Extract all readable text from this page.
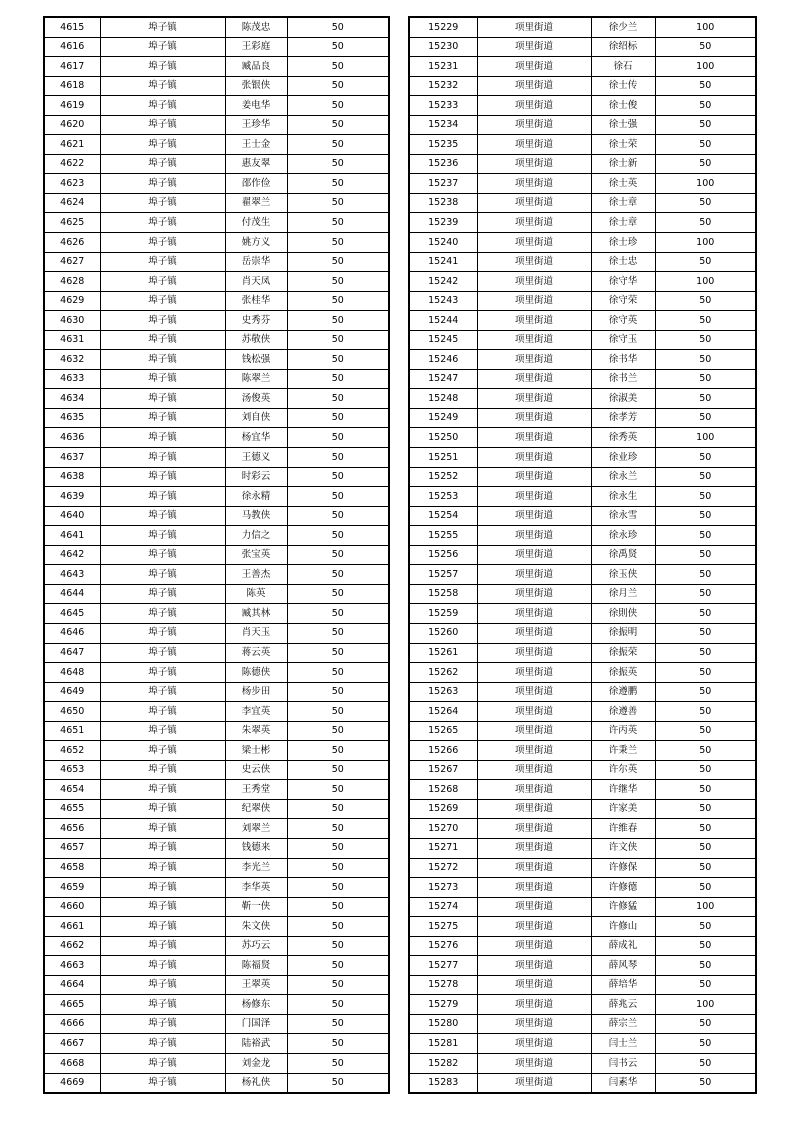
4615	埠子镇	陈茂忠	50
4616	埠子镇	王彩庭	50
4617	埠子镇	臧品良	50
4618	埠子镇	张银侠	50
4619	埠子镇	姜电华	50
4620	埠子镇	王珍华	50
4621	埠子镇	王士金	50
4622	埠子镇	惠友翠	50
4623	埠子镇	邵作俭	50
4624	埠子镇	翟翠兰	50
4625	埠子镇	付茂生	50
4626	埠子镇	姚方义	50
4627	埠子镇	岳崇华	50
4628	埠子镇	肖天凤	50
4629	埠子镇	张桂华	50
4630	埠子镇	史秀芬	50
4631	埠子镇	苏敬侠	50
4632	埠子镇	钱松强	50
4633	埠子镇	陈翠兰	50
4634	埠子镇	汤俊英	50
4635	埠子镇	刘自侠	50
4636	埠子镇	杨宜华	50
4637	埠子镇	王德义	50
4638	埠子镇	时彩云	50
4639	埠子镇	徐永精	50
4640	埠子镇	马教侠	50
4641	埠子镇	力信之	50
4642	埠子镇	张宝英	50
4643	埠子镇	王善杰	50
4644	埠子镇	陈英	50
4645	埠子镇	臧其林	50
4646	埠子镇	肖天玉	50
4647	埠子镇	蒋云英	50
4648	埠子镇	陈德侠	50
4649	埠子镇	杨步田	50
4650	埠子镇	李宜英	50
4651	埠子镇	朱翠英	50
4652	埠子镇	梁士彬	50
4653	埠子镇	史云侠	50
4654	埠子镇	王秀堂	50
4655	埠子镇	纪翠侠	50
4656	埠子镇	刘翠兰	50
4657	埠子镇	钱德来	50
4658	埠子镇	李光兰	50
4659	埠子镇	李华英	50
4660	埠子镇	靳一侠	50
4661	埠子镇	朱文侠	50
4662	埠子镇	苏巧云	50
4663	埠子镇	陈福贤	50
4664	埠子镇	王翠英	50
4665	埠子镇	杨修东	50
4666	埠子镇	门国泽	50
4667	埠子镇	陆裕武	50
4668	埠子镇	刘金龙	50
4669	埠子镇	杨礼侠	50
15229	项里街道	徐少兰	100
15230	项里街道	徐绍标	50
15231	项里街道	徐石	100
15232	项里街道	徐士传	50
15233	项里街道	徐士俊	50
15234	项里街道	徐士强	50
15235	项里街道	徐士荣	50
15236	项里街道	徐士新	50
15237	项里街道	徐士英	100
15238	项里街道	徐士章	50
15239	项里街道	徐士章	50
15240	项里街道	徐士珍	100
15241	项里街道	徐士忠	50
15242	项里街道	徐守华	100
15243	项里街道	徐守荣	50
15244	项里街道	徐守英	50
15245	项里街道	徐守玉	50
15246	项里街道	徐书华	50
15247	项里街道	徐书兰	50
15248	项里街道	徐淑美	50
15249	项里街道	徐孝芳	50
15250	项里街道	徐秀英	100
15251	项里街道	徐业珍	50
15252	项里街道	徐永兰	50
15253	项里街道	徐永生	50
15254	项里街道	徐永雪	50
15255	项里街道	徐永珍	50
15256	项里街道	徐禹贤	50
15257	项里街道	徐玉侠	50
15258	项里街道	徐月兰	50
15259	项里街道	徐則侠	50
15260	项里街道	徐振明	50
15261	项里街道	徐振荣	50
15262	项里街道	徐振英	50
15263	项里街道	徐遵鹏	50
15264	项里街道	徐遵善	50
15265	项里街道	许丙英	50
15266	项里街道	许秉兰	50
15267	项里街道	许尔英	50
15268	项里街道	许继华	50
15269	项里街道	许家美	50
15270	项里街道	许维春	50
15271	项里街道	许文侠	50
15272	项里街道	许修保	50
15273	项里街道	许修德	50
15274	项里街道	许修猛	100
15275	项里街道	许修山	50
15276	项里街道	薛成礼	50
15277	项里街道	薛风琴	50
15278	项里街道	薛培华	50
15279	项里街道	薛兆云	100
15280	项里街道	薛宗兰	50
15281	项里街道	闫士兰	50
15282	项里街道	闫书云	50
15283	项里街道	闫素华	50
